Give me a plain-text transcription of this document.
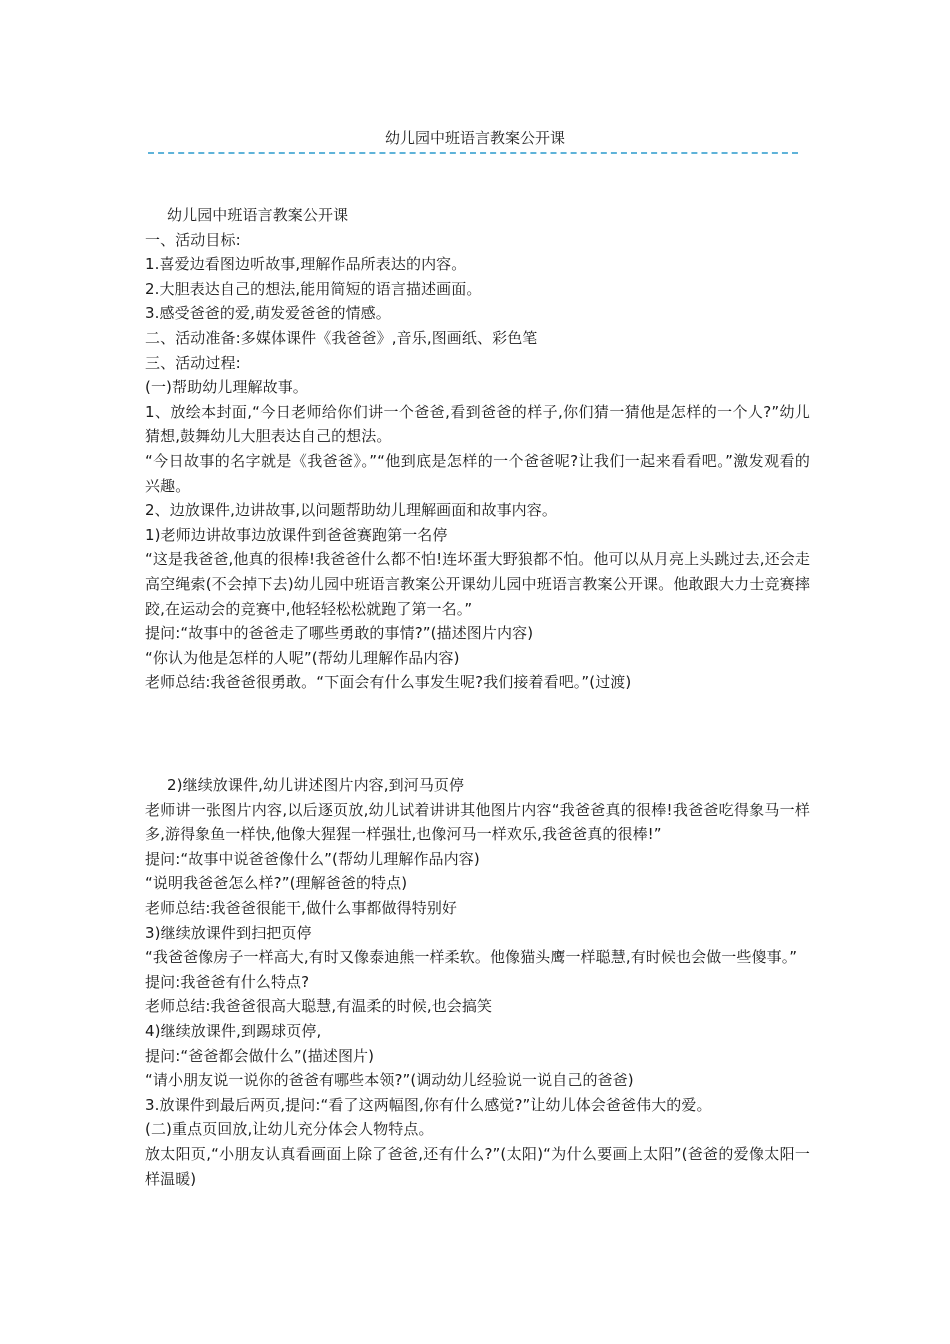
幼儿园中班语言教案公开课

幼儿园中班语言教案公开课

一、活动目标:

1.喜爱边看图边听故事,理解作品所表达的内容。

2.大胆表达自己的想法,能用简短的语言描述画面。

3.感受爸爸的爱,萌发爱爸爸的情感。

二、活动准备:多媒体课件《我爸爸》,音乐,图画纸、彩色笔

三、活动过程:

(一)帮助幼儿理解故事。

1、放绘本封面,“今日老师给你们讲一个爸爸,看到爸爸的样子,你们猜一猜他是怎样的一个人?”幼儿猜想,鼓舞幼儿大胆表达自己的想法。

“今日故事的名字就是《我爸爸》。”“他到底是怎样的一个爸爸呢?让我们一起来看看吧。”激发观看的兴趣。

2、边放课件,边讲故事,以问题帮助幼儿理解画面和故事内容。

1)老师边讲故事边放课件到爸爸赛跑第一名停

“这是我爸爸,他真的很棒!我爸爸什么都不怕!连坏蛋大野狼都不怕。他可以从月亮上头跳过去,还会走高空绳索(不会掉下去)幼儿园中班语言教案公开课幼儿园中班语言教案公开课。他敢跟大力士竞赛摔跤,在运动会的竞赛中,他轻轻松松就跑了第一名。”

提问:“故事中的爸爸走了哪些勇敢的事情?”(描述图片内容)

“你认为他是怎样的人呢”(帮幼儿理解作品内容)

老师总结:我爸爸很勇敢。“下面会有什么事发生呢?我们接着看吧。”(过渡)

2)继续放课件,幼儿讲述图片内容,到河马页停

老师讲一张图片内容,以后逐页放,幼儿试着讲讲其他图片内容“我爸爸真的很棒!我爸爸吃得象马一样多,游得象鱼一样快,他像大猩猩一样强壮,也像河马一样欢乐,我爸爸真的很棒!”

提问:“故事中说爸爸像什么”(帮幼儿理解作品内容)

“说明我爸爸怎么样?”(理解爸爸的特点)

老师总结:我爸爸很能干,做什么事都做得特别好

3)继续放课件到扫把页停

“我爸爸像房子一样高大,有时又像泰迪熊一样柔软。他像猫头鹰一样聪慧,有时候也会做一些傻事。”

提问:我爸爸有什么特点?

老师总结:我爸爸很高大聪慧,有温柔的时候,也会搞笑

4)继续放课件,到踢球页停,

提问:“爸爸都会做什么”(描述图片)

“请小朋友说一说你的爸爸有哪些本领?”(调动幼儿经验说一说自己的爸爸)

3.放课件到最后两页,提问:“看了这两幅图,你有什么感觉?”让幼儿体会爸爸伟大的爱。

(二)重点页回放,让幼儿充分体会人物特点。

放太阳页,“小朋友认真看画面上除了爸爸,还有什么?”(太阳)“为什么要画上太阳”(爸爸的爱像太阳一样温暖)
